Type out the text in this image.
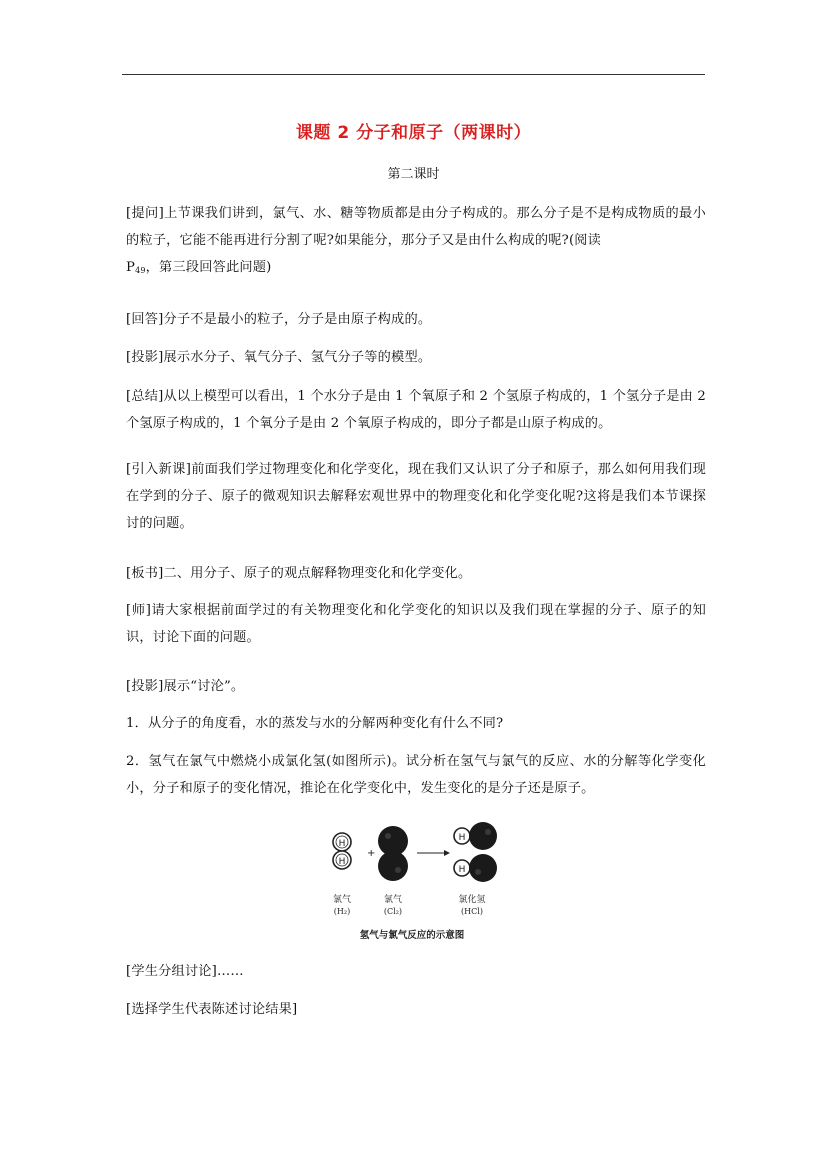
课题 2 分子和原子（两课时）
第二课时
[提问]上节课我们讲到，氯气、水、糖等物质都是由分子构成的。那么分子是不是构成物质的最小的粒子，它能不能再进行分割了呢?如果能分，那分子又是由什么构成的呢?(阅读
P49，第三段回答此问题)
[回答]分子不是最小的粒子，分子是由原子构成的。
[投影]展示水分子、氧气分子、氢气分子等的模型。
[总结]从以上模型可以看出，1 个水分子是由 1 个氧原子和 2 个氢原子构成的，1 个氢分子是由 2 个氢原子构成的，1 个氧分子是由 2 个氧原子构成的，即分子都是山原子构成的。
[引入新课]前面我们学过物理变化和化学变化，现在我们又认识了分子和原子，那么如何用我们现在学到的分子、原子的微观知识去解释宏观世界中的物理变化和化学变化呢?这将是我们本节课探讨的问题。
[板书]二、用分子、原子的观点解释物理变化和化学变化。
[师]请大家根据前面学过的有关物理变化和化学变化的知识以及我们现在掌握的分子、原子的知识，讨论下面的问题。
[投影]展示“讨沦”。
1．从分子的角度看，水的蒸发与水的分解两种变化有什么不同?
2．氢气在氯气中燃烧小成氯化氢(如图所示)。试分析在氢气与氯气的反应、水的分解等化学变化小，分子和原子的变化情况，推论在化学变化中，发生变化的是分子还是原子。
H
H
+
H
H
氯气
(H₂)
氯气
(Cl₂)
氯化氢
(HCl)
氢气与氯气反应的示意图
[学生分组讨论]……
[选择学生代表陈述讨论结果]
